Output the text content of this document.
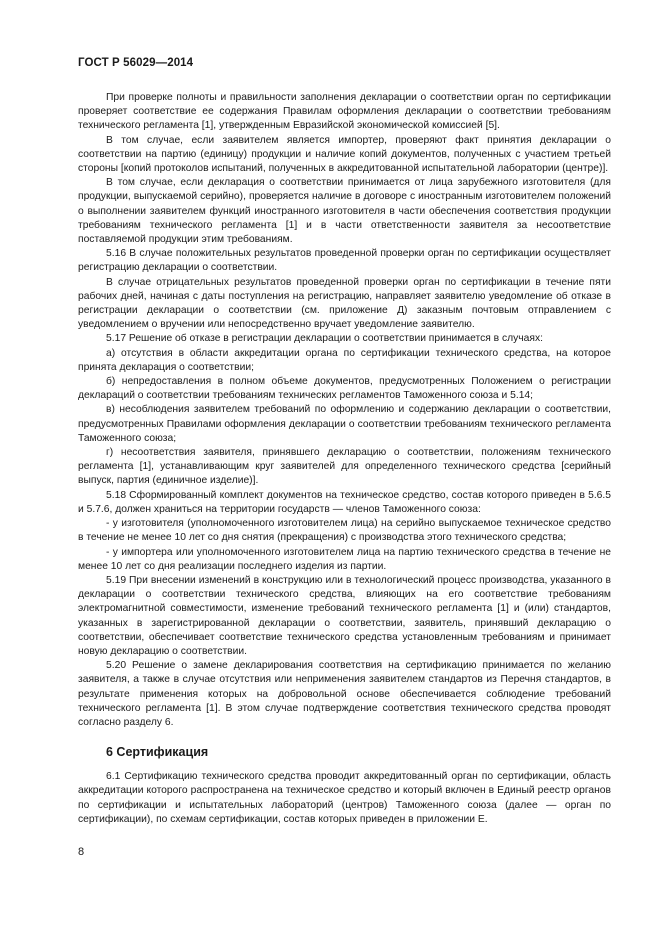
ГОСТ Р 56029—2014

При проверке полноты и правильности заполнения декларации о соответствии орган по сертификации проверяет соответствие ее содержания Правилам оформления декларации о соответствии требованиям технического регламента [1], утвержденным Евразийской экономической комиссией [5].

В том случае, если заявителем является импортер, проверяют факт принятия декларации о соответствии на партию (единицу) продукции и наличие копий документов, полученных с участием третьей стороны [копий протоколов испытаний, полученных в аккредитованной испытательной лаборатории (центре)].

В том случае, если декларация о соответствии принимается от лица зарубежного изготовителя (для продукции, выпускаемой серийно), проверяется наличие в договоре с иностранным изготовителем положений о выполнении заявителем функций иностранного изготовителя в части обеспечения соответствия продукции требованиям технического регламента [1] и в части ответственности заявителя за несоответствие поставляемой продукции этим требованиям.

5.16 В случае положительных результатов проведенной проверки орган по сертификации осуществляет регистрацию декларации о соответствии.

В случае отрицательных результатов проведенной проверки орган по сертификации в течение пяти рабочих дней, начиная с даты поступления на регистрацию, направляет заявителю уведомление об отказе в регистрации декларации о соответствии (см. приложение Д) заказным почтовым отправлением с уведомлением о вручении или непосредственно вручает уведомление заявителю.

5.17 Решение об отказе в регистрации декларации о соответствии принимается в случаях:

а) отсутствия в области аккредитации органа по сертификации технического средства, на которое принята декларация о соответствии;

б) непредоставления в полном объеме документов, предусмотренных Положением о регистрации деклараций о соответствии требованиям технических регламентов Таможенного союза и 5.14;

в) несоблюдения заявителем требований по оформлению и содержанию декларации о соответствии, предусмотренных Правилами оформления декларации о соответствии требованиям технического регламента Таможенного союза;

г) несоответствия заявителя, принявшего декларацию о соответствии, положениям технического регламента [1], устанавливающим круг заявителей для определенного технического средства [серийный выпуск, партия (единичное изделие)].

5.18 Сформированный комплект документов на техническое средство, состав которого приведен в 5.6.5 и 5.7.6, должен храниться на территории государств — членов Таможенного союза:

- у изготовителя (уполномоченного изготовителем лица) на серийно выпускаемое техническое средство в течение не менее 10 лет со дня снятия (прекращения) с производства этого технического средства;

- у импортера или уполномоченного изготовителем лица на партию технического средства в течение не менее 10 лет со дня реализации последнего изделия из партии.

5.19 При внесении изменений в конструкцию или в технологический процесс производства, указанного в декларации о соответствии технического средства, влияющих на его соответствие требованиям электромагнитной совместимости, изменение требований технического регламента [1] и (или) стандартов, указанных в зарегистрированной декларации о соответствии, заявитель, принявший декларацию о соответствии, обеспечивает соответствие технического средства установленным требованиям и принимает новую декларацию о соответствии.

5.20 Решение о замене декларирования соответствия на сертификацию принимается по желанию заявителя, а также в случае отсутствия или неприменения заявителем стандартов из Перечня стандартов, в результате применения которых на добровольной основе обеспечивается соблюдение требований технического регламента [1]. В этом случае подтверждение соответствия технического средства проводят согласно разделу 6.

6 Сертификация

6.1 Сертификацию технического средства проводит аккредитованный орган по сертификации, область аккредитации которого распространена на техническое средство и который включен в Единый реестр органов по сертификации и испытательных лабораторий (центров) Таможенного союза (далее — орган по сертификации), по схемам сертификации, состав которых приведен в приложении Е.

8
